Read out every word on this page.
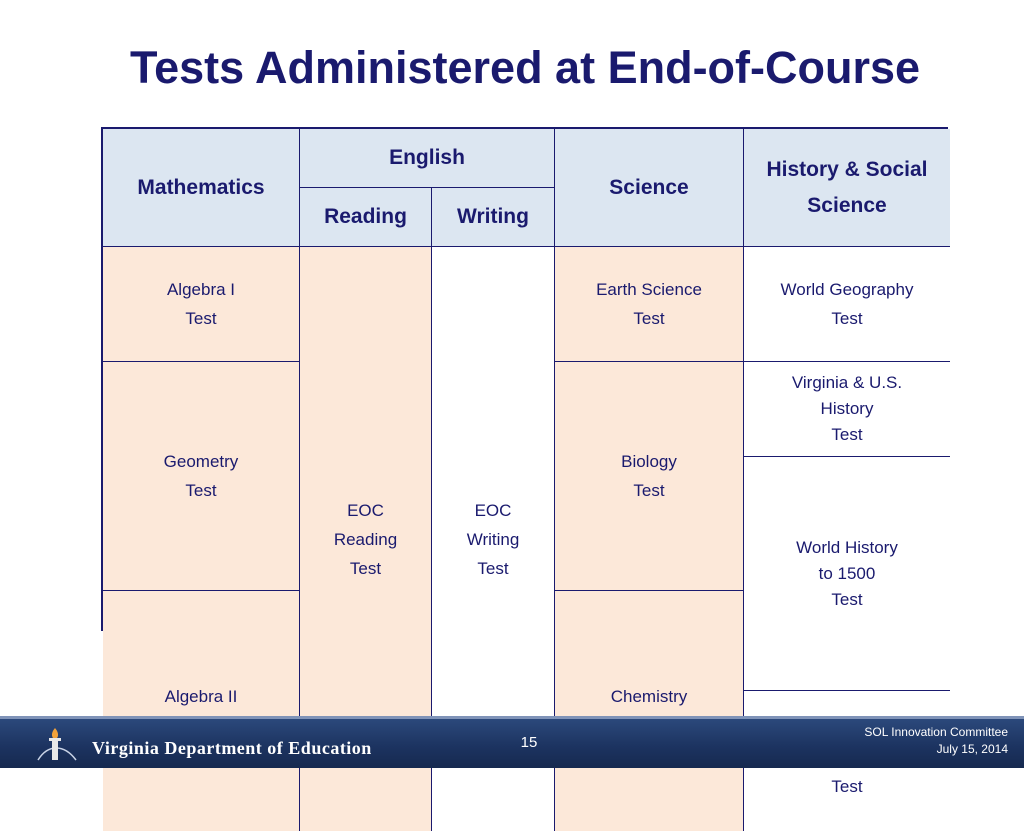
Tests Administered at End-of-Course
Mathematics
English
Science
History & Social
Science
Reading Writing
Algebra I
Test
Geometry
Test
Algebra II
EOC
Reading
Test
EOC
Writing
Test
Earth Science
Test
Biology
Test
Chemistry
World Geography
Test
Virginia & U.S.
History
Test
World History
to 1500
Test
Test
Virginia Department of Education	15
SOL Innovation Committee
July 15, 2014
